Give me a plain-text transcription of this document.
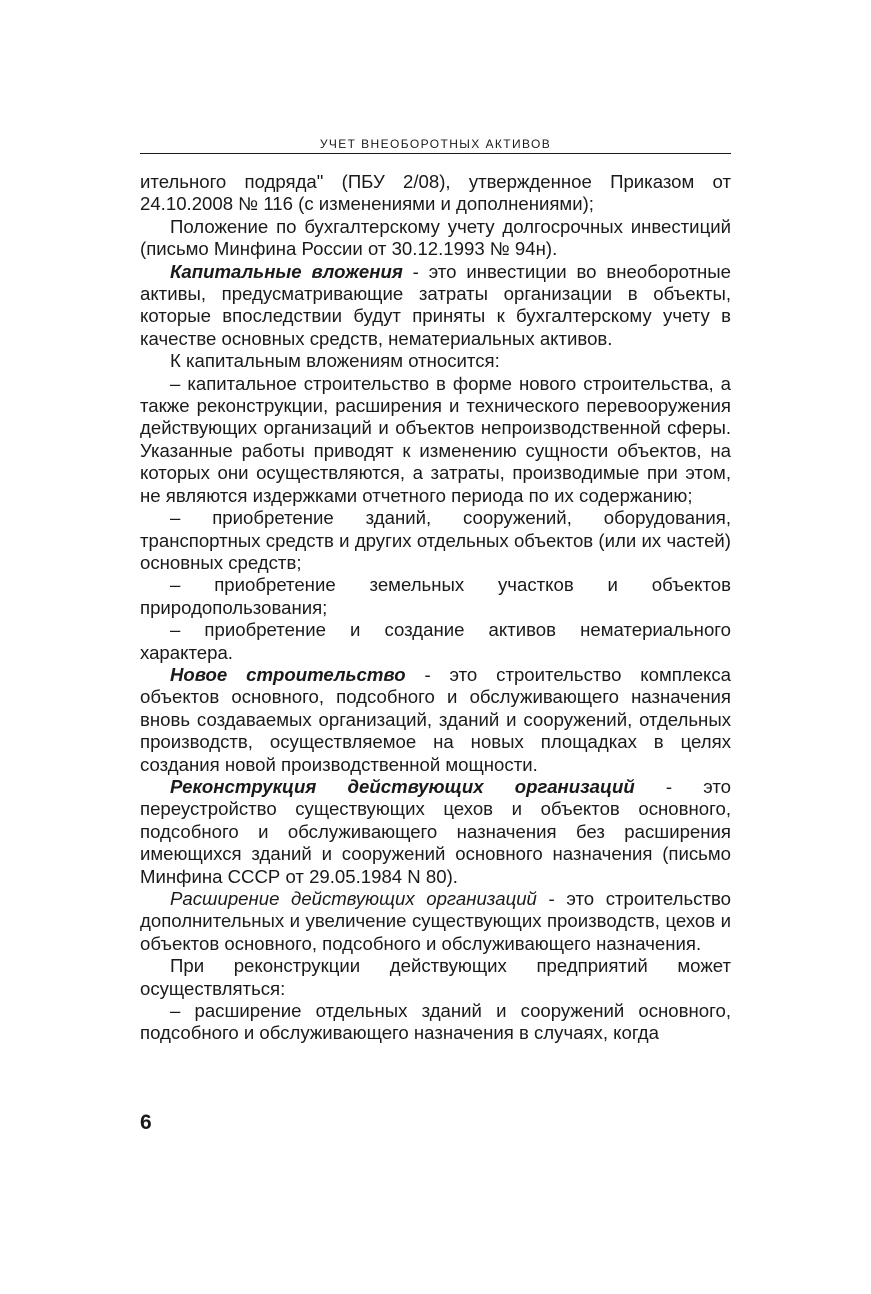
УЧЕТ ВНЕОБОРОТНЫХ АКТИВОВ

ительного подряда" (ПБУ 2/08), утвержденное Приказом от 24.10.2008 № 116 (с изменениями и дополнениями);

Положение по бухгалтерскому учету долгосрочных инвестиций (письмо Минфина России от 30.12.1993 № 94н).

Капитальные вложения - это инвестиции во внеоборотные активы, предусматривающие затраты организации в объекты, которые впоследствии будут приняты к бухгалтерскому учету в качестве основных средств, нематериальных активов.

К капитальным вложениям относится:

– капитальное строительство в форме нового строительства, а также реконструкции, расширения и технического перевооружения действующих организаций и объектов непроизводственной сферы. Указанные работы приводят к изменению сущности объектов, на которых они осуществляются, а затраты, производимые при этом, не являются издержками отчетного периода по их содержанию;

– приобретение зданий, сооружений, оборудования, транспортных средств и других отдельных объектов (или их частей) основных средств;

– приобретение земельных участков и объектов природопользования;

– приобретение и создание активов нематериального характера.

Новое строительство - это строительство комплекса объектов основного, подсобного и обслуживающего назначения вновь создаваемых организаций, зданий и сооружений, отдельных производств, осуществляемое на новых площадках в целях создания новой производственной мощности.

Реконструкция действующих организаций - это переустройство существующих цехов и объектов основного, подсобного и обслуживающего назначения без расширения имеющихся зданий и сооружений основного назначения (письмо Минфина СССР от 29.05.1984 N 80).

Расширение действующих организаций - это строительство дополнительных и увеличение существующих производств, цехов и объектов основного, подсобного и обслуживающего назначения.

При реконструкции действующих предприятий может осуществляться:

– расширение отдельных зданий и сооружений основного, подсобного и обслуживающего назначения в случаях, когда

6
